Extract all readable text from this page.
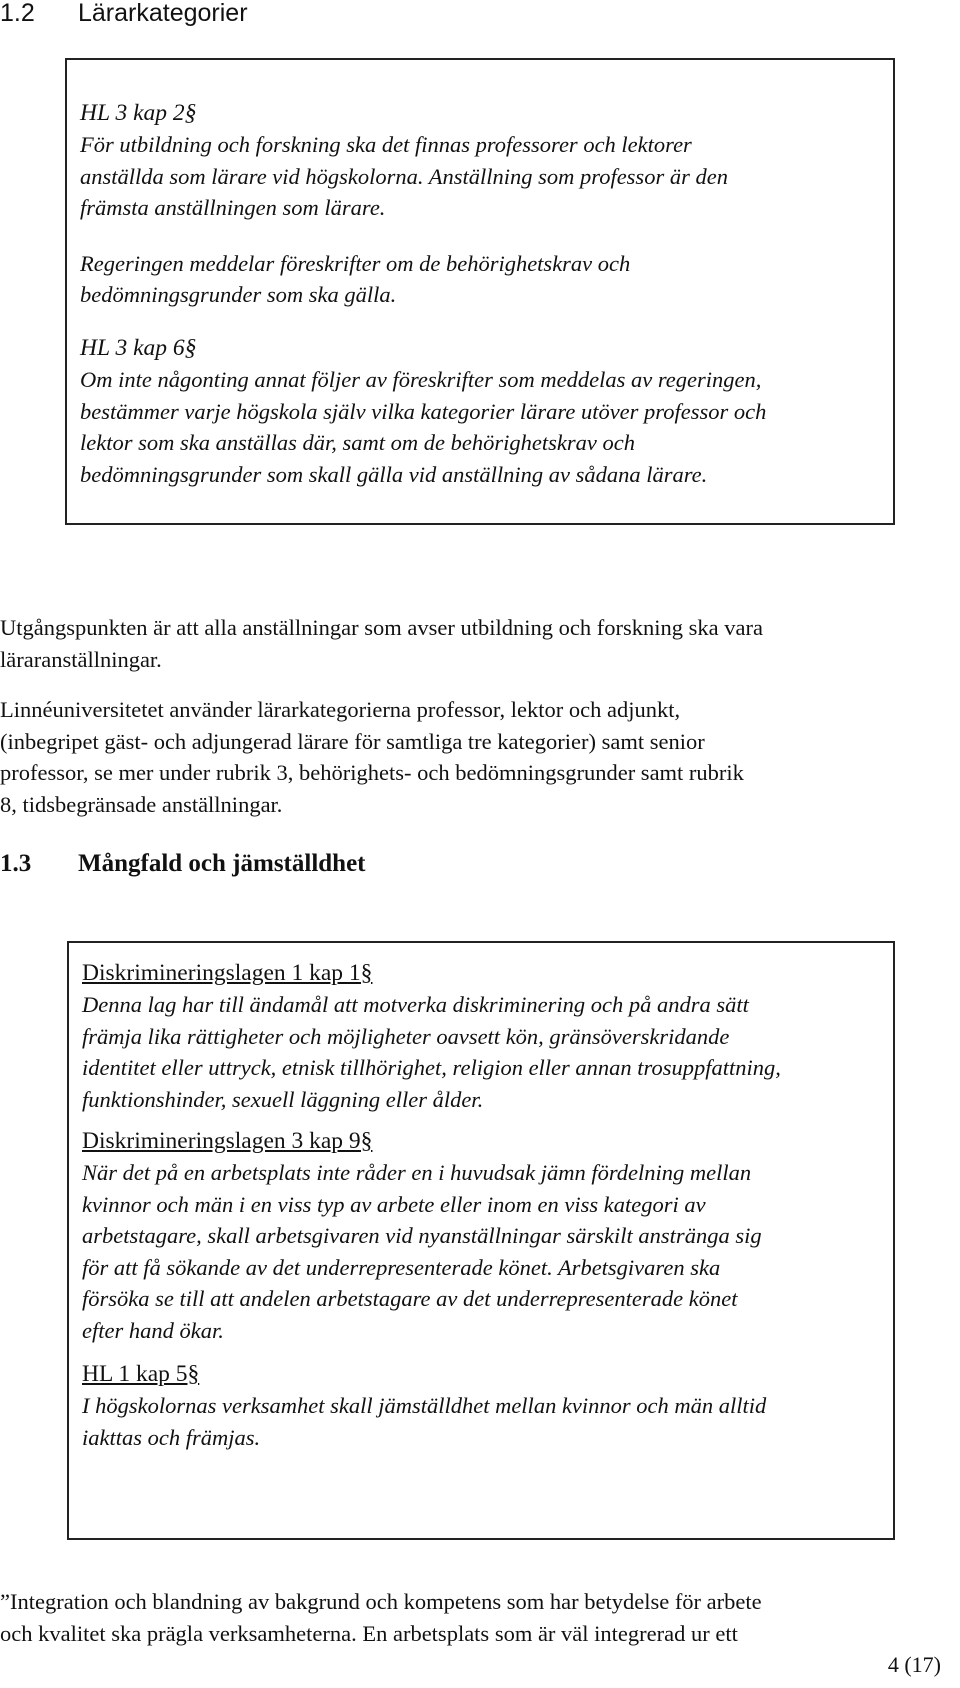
1.2 Lärarkategorier
HL 3 kap 2§
För utbildning och forskning ska det finnas professorer och lektorer
anställda som lärare vid högskolorna. Anställning som professor är den
främsta anställningen som lärare.
Regeringen meddelar föreskrifter om de behörighetskrav och
bedömningsgrunder som ska gälla.
HL 3 kap 6§
Om inte någonting annat följer av föreskrifter som meddelas av regeringen,
bestämmer varje högskola själv vilka kategorier lärare utöver professor och
lektor som ska anställas där, samt om de behörighetskrav och
bedömningsgrunder som skall gälla vid anställning av sådana lärare.
Utgångspunkten är att alla anställningar som avser utbildning och forskning ska vara
läraranställningar.
Linnéuniversitetet använder lärarkategorierna professor, lektor och adjunkt,
(inbegripet gäst- och adjungerad lärare för samtliga tre kategorier) samt senior
professor, se mer under rubrik 3, behörighets- och bedömningsgrunder samt rubrik
8, tidsbegränsade anställningar.
1.3 Mångfald och jämställdhet
Diskrimineringslagen 1 kap 1§
Denna lag har till ändamål att motverka diskriminering och på andra sätt
främja lika rättigheter och möjligheter oavsett kön, gränsöverskridande
identitet eller uttryck, etnisk tillhörighet, religion eller annan trosuppfattning,
funktionshinder, sexuell läggning eller ålder.
Diskrimineringslagen 3 kap 9§
När det på en arbetsplats inte råder en i huvudsak jämn fördelning mellan
kvinnor och män i en viss typ av arbete eller inom en viss kategori av
arbetstagare, skall arbetsgivaren vid nyanställningar särskilt anstränga sig
för att få sökande av det underrepresenterade könet. Arbetsgivaren ska
försöka se till att andelen arbetstagare av det underrepresenterade könet
efter hand ökar.
HL 1 kap 5§
I högskolornas verksamhet skall jämställdhet mellan kvinnor och män alltid
iakttas och främjas.
”Integration och blandning av bakgrund och kompetens som har betydelse för arbete
och kvalitet ska prägla verksamheterna. En arbetsplats som är väl integrerad ur ett
4 (17)
